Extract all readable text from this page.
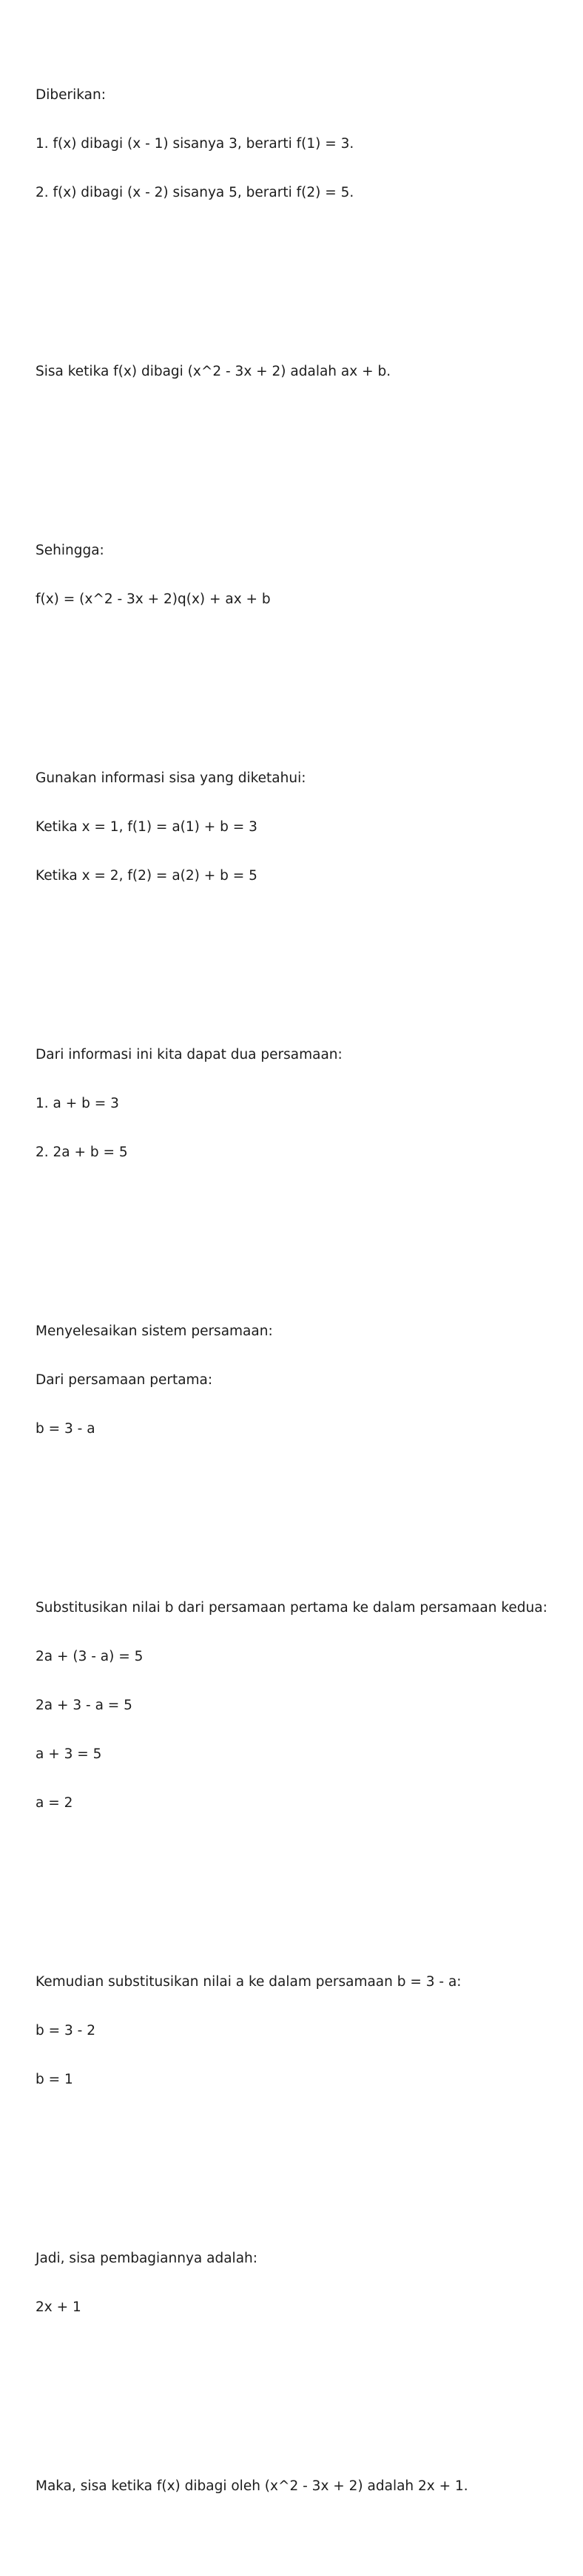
Diberikan:

1. f(x) dibagi (x - 1) sisanya 3, berarti f(1) = 3.

2. f(x) dibagi (x - 2) sisanya 5, berarti f(2) = 5.

Sisa ketika f(x) dibagi (x^2 - 3x + 2) adalah ax + b.

Sehingga:

f(x) = (x^2 - 3x + 2)q(x) + ax + b

Gunakan informasi sisa yang diketahui:

Ketika x = 1, f(1) = a(1) + b = 3

Ketika x = 2, f(2) = a(2) + b = 5

Dari informasi ini kita dapat dua persamaan:

1. a + b = 3

2. 2a + b = 5

Menyelesaikan sistem persamaan:

Dari persamaan pertama:

b = 3 - a

Substitusikan nilai b dari persamaan pertama ke dalam persamaan kedua:

2a + (3 - a) = 5

2a + 3 - a = 5

a + 3 = 5

a = 2

Kemudian substitusikan nilai a ke dalam persamaan b = 3 - a:

b = 3 - 2

b = 1

Jadi, sisa pembagiannya adalah:

2x + 1

Maka, sisa ketika f(x) dibagi oleh (x^2 - 3x + 2) adalah 2x + 1.
